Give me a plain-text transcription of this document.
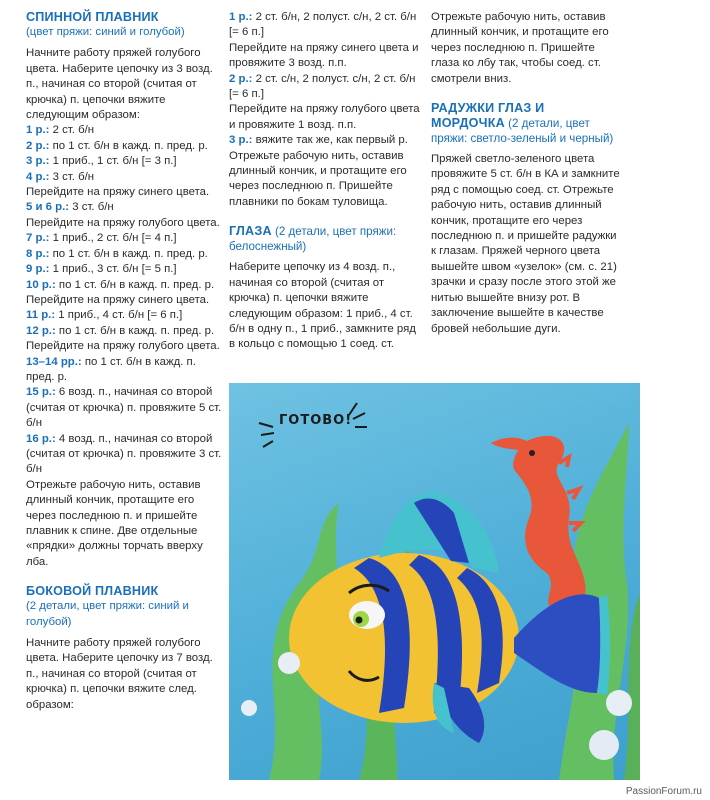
СПИННОЙ ПЛАВНИК
(цвет пряжи: синий и голубой)

Начните работу пряжей голубого цвета. Наберите цепочку из 3 возд. п., начиная со второй (считая от крючка) п. цепочки вяжите следующим образом:

1 р.: 2 ст. б/н
2 р.: по 1 ст. б/н в кажд. п. пред. р.
3 р.: 1 приб., 1 ст. б/н [= 3 п.]
4 р.: 3 ст. б/н
Перейдите на пряжу синего цвета.
5 и 6 р.: 3 ст. б/н
Перейдите на пряжу голубого цвета.
7 р.: 1 приб., 2 ст. б/н [= 4 п.]
8 р.: по 1 ст. б/н в кажд. п. пред. р.
9 р.: 1 приб., 3 ст. б/н [= 5 п.]
10 р.: по 1 ст. б/н в кажд. п. пред. р.
Перейдите на пряжу синего цвета.
11 р.: 1 приб., 4 ст. б/н [= 6 п.]
12 р.: по 1 ст. б/н в кажд. п. пред. р.
Перейдите на пряжу голубого цвета.
13–14 рр.: по 1 ст. б/н в кажд. п. пред. р.
15 р.: 6 возд. п., начиная со второй (считая от крючка) п. провяжите 5 ст. б/н
16 р.: 4 возд. п., начиная со второй (считая от крючка) п. провяжите 3 ст. б/н

Отрежьте рабочую нить, оставив длинный кончик, протащите его через последнюю п. и пришейте плавник к спине. Две отдельные «прядки» должны торчать вверху лба.

БОКОВОЙ ПЛАВНИК
(2 детали, цвет пряжи: синий и голубой)

Начните работу пряжей голубого цвета. Наберите цепочку из 7 возд. п., начиная со второй (считая от крючка) п. цепочки вяжите след. образом:

1 р.: 2 ст. б/н, 2 полуст. с/н, 2 ст. б/н [= 6 п.]
Перейдите на пряжу синего цвета и провяжите 3 возд. п.п.
2 р.: 2 ст. с/н, 2 полуст. с/н, 2 ст. б/н [= 6 п.]
Перейдите на пряжу голубого цвета и провяжите 1 возд. п.п.
3 р.: вяжите так же, как первый р.

Отрежьте рабочую нить, оставив длинный кончик, и протащите его через последнюю п. Пришейте плавники по бокам туловища.

ГЛАЗА (2 детали, цвет пряжи: белоснежный)

Наберите цепочку из 4 возд. п., начиная со второй (считая от крючка) п. цепочки вяжите следующим образом: 1 приб., 4 ст. б/н в одну п., 1 приб., замкните ряд в кольцо с помощью 1 соед. ст.

Отрежьте рабочую нить, оставив длинный кончик, и протащите его через последнюю п. Пришейте глаза ко лбу так, чтобы соед. ст. смотрели вниз.

РАДУЖКИ ГЛАЗ И МОРДОЧКА (2 детали, цвет пряжи: светло-зеленый и черный)

Пряжей светло-зеленого цвета провяжите 5 ст. б/н в КА и замкните ряд с помощью соед. ст. Отрежьте рабочую нить, оставив длинный кончик, протащите его через последнюю п. и пришейте радужки к глазам. Пряжей черного цвета вышейте швом «узелок» (см. с. 21) зрачки и сразу после этого этой же нитью вышейте внизу рот. В заключение вышейте в качестве бровей небольшие дуги.

ГОТОВО!
PassionForum.ru
